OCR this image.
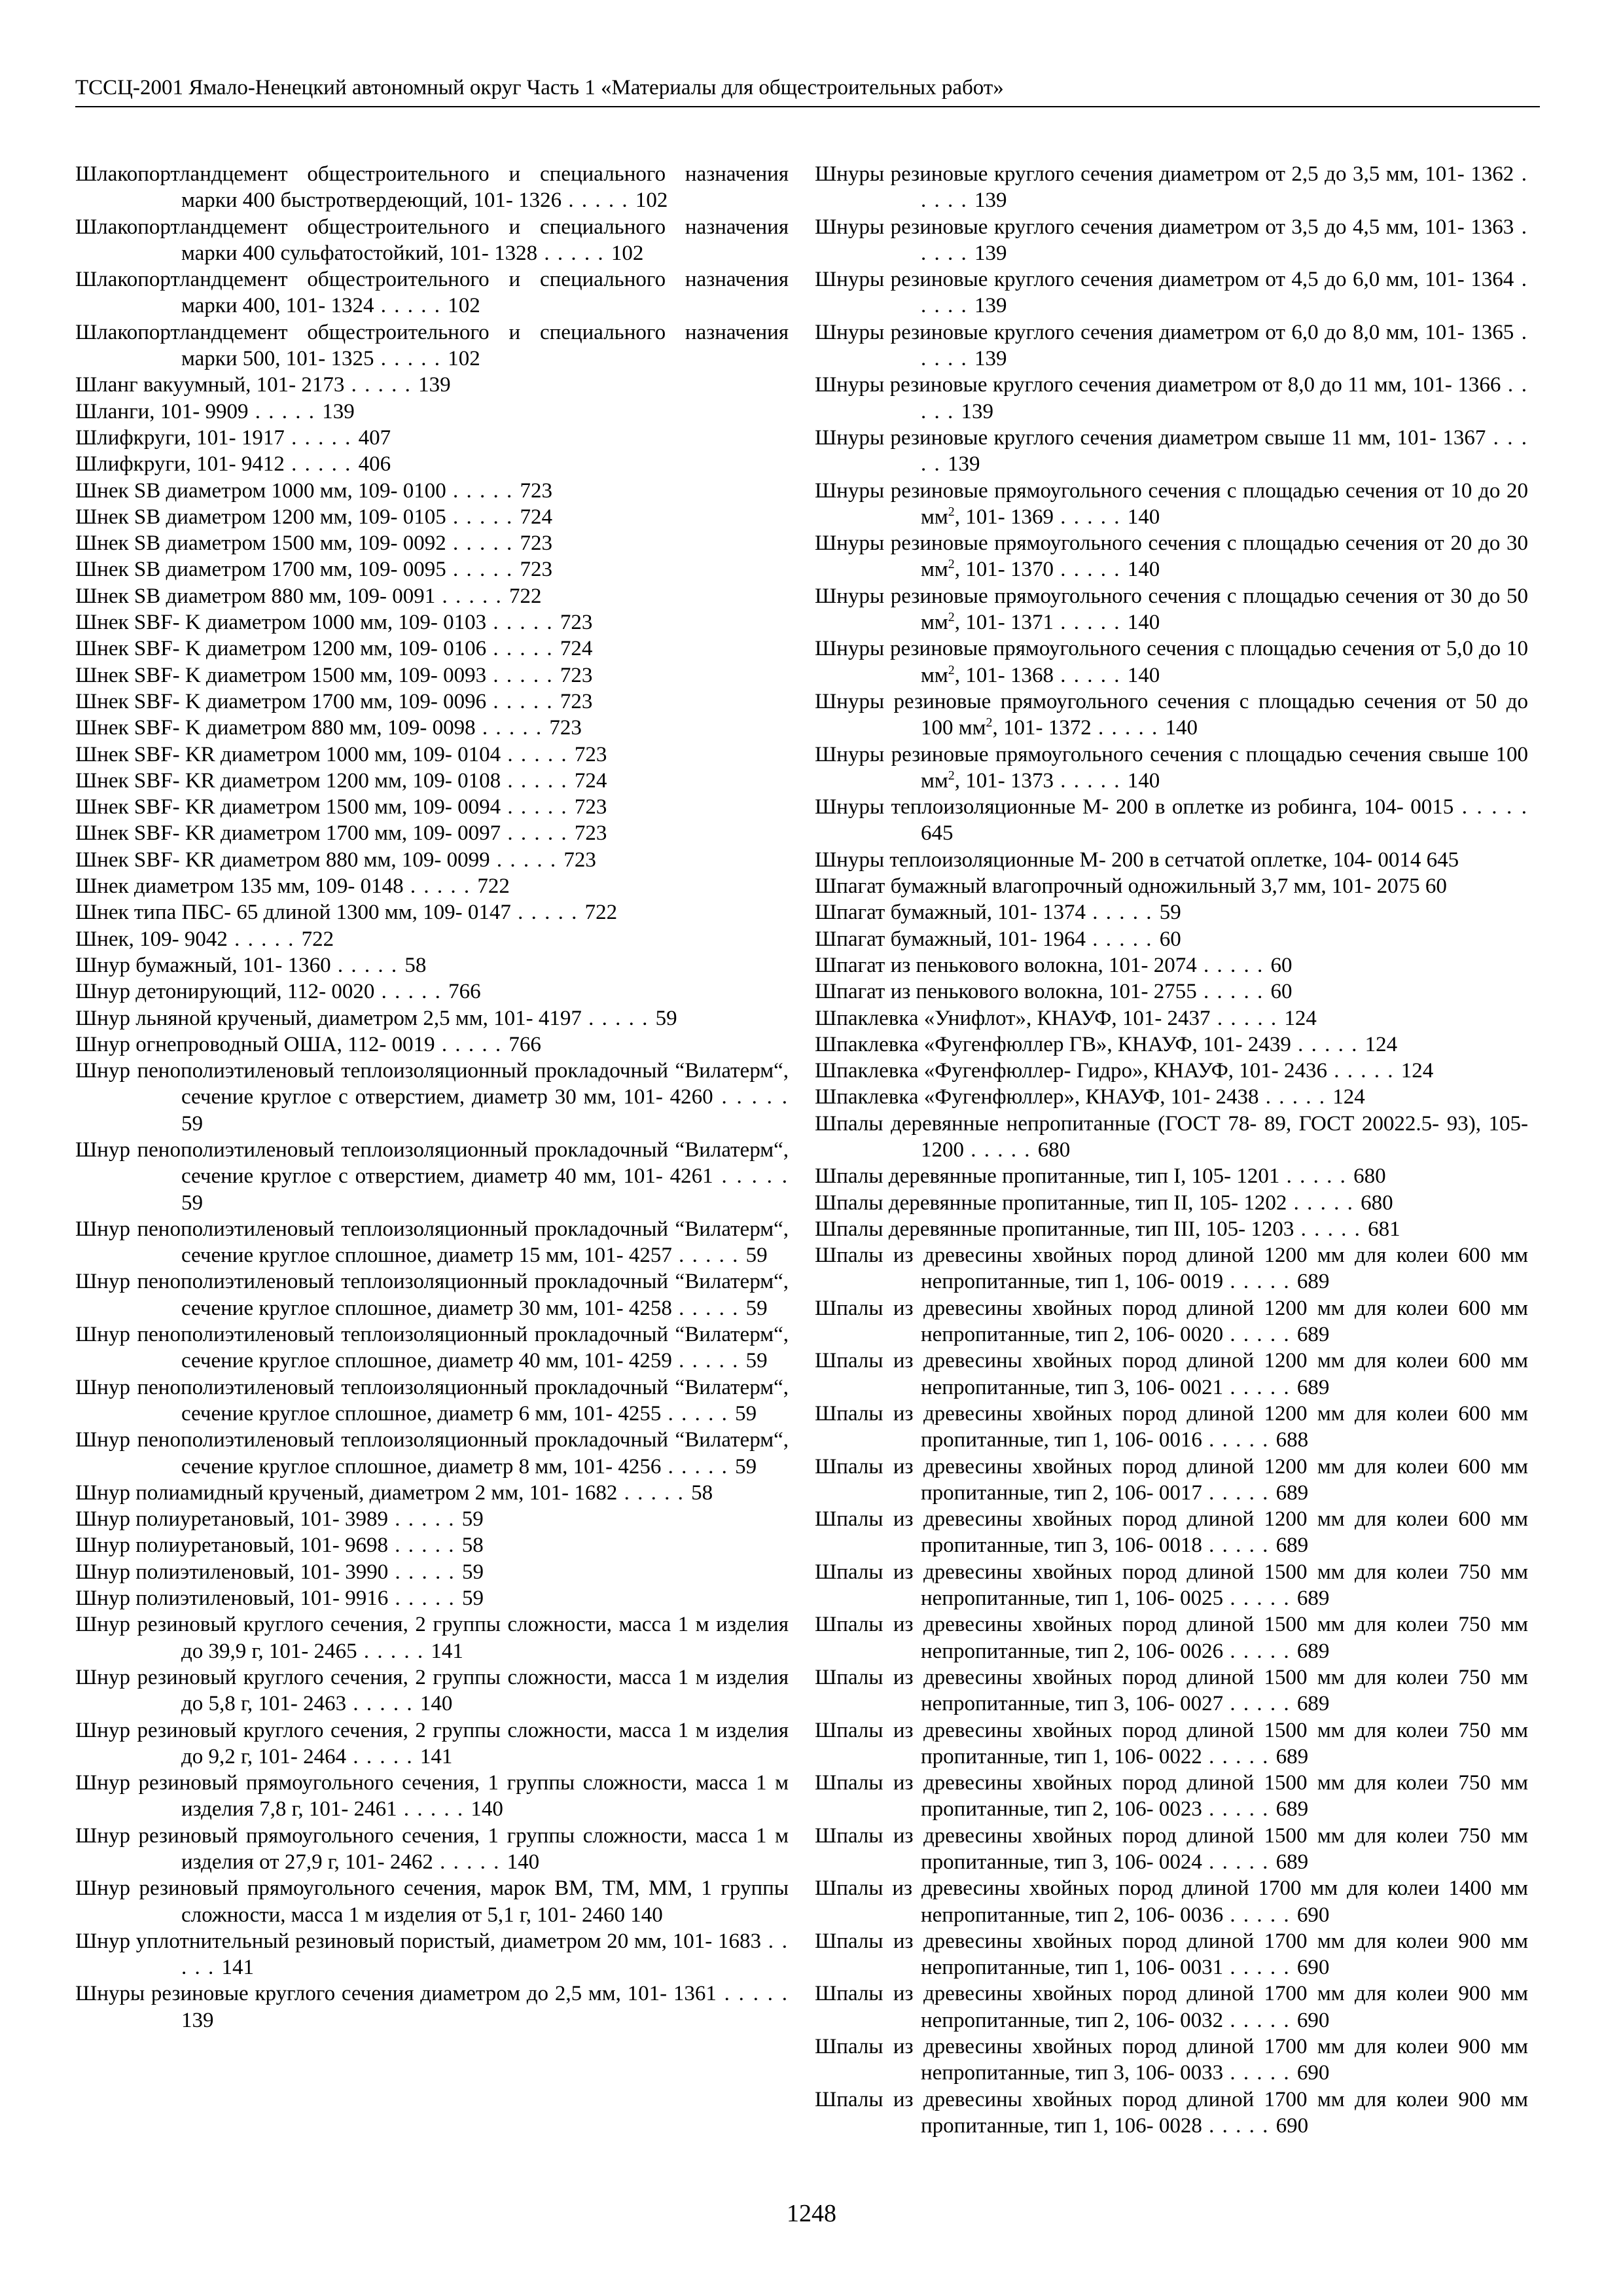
ТССЦ-2001 Ямало-Ненецкий автономный округ Часть 1 «Материалы для общестроительных работ»
Шлакопортландцемент общестроительного и специального назначения марки 400 быстротвердеющий, 101- 1326 . . . . . 102
Шлакопортландцемент общестроительного и специального назначения марки 400 сульфатостойкий, 101- 1328 . . . . . 102
Шлакопортландцемент общестроительного и специального назначения марки 400, 101- 1324 . . . . . 102
Шлакопортландцемент общестроительного и специального назначения марки 500, 101- 1325 . . . . . 102
Шланг вакуумный, 101- 2173 . . . . . 139
Шланги, 101- 9909 . . . . . 139
Шлифкруги, 101- 1917 . . . . . 407
Шлифкруги, 101- 9412 . . . . . 406
Шнек SB диаметром 1000 мм, 109- 0100 . . . . . 723
Шнек SB диаметром 1200 мм, 109- 0105 . . . . . 724
Шнек SB диаметром 1500 мм, 109- 0092 . . . . . 723
Шнек SB диаметром 1700 мм, 109- 0095 . . . . . 723
Шнек SB диаметром 880 мм, 109- 0091 . . . . . 722
Шнек SBF- K диаметром 1000 мм, 109- 0103 . . . . . 723
Шнек SBF- K диаметром 1200 мм, 109- 0106 . . . . . 724
Шнек SBF- K диаметром 1500 мм, 109- 0093 . . . . . 723
Шнек SBF- K диаметром 1700 мм, 109- 0096 . . . . . 723
Шнек SBF- K диаметром 880 мм, 109- 0098 . . . . . 723
Шнек SBF- KR диаметром 1000 мм, 109- 0104 . . . . . 723
Шнек SBF- KR диаметром 1200 мм, 109- 0108 . . . . . 724
Шнек SBF- KR диаметром 1500 мм, 109- 0094 . . . . . 723
Шнек SBF- KR диаметром 1700 мм, 109- 0097 . . . . . 723
Шнек SBF- KR диаметром 880 мм, 109- 0099 . . . . . 723
Шнек диаметром 135 мм, 109- 0148 . . . . . 722
Шнек типа ПБС- 65 длиной 1300 мм, 109- 0147 . . . . . 722
Шнек, 109- 9042 . . . . . 722
Шнур бумажный, 101- 1360 . . . . . 58
Шнур детонирующий, 112- 0020 . . . . . 766
Шнур льняной крученый, диаметром 2,5 мм, 101- 4197 . . . . . 59
Шнур огнепроводный ОША, 112- 0019 . . . . . 766
Шнур пенополиэтиленовый теплоизоляционный прокладочный “Вилатерм“, сечение круглое с отверстием, диаметр 30 мм, 101- 4260 . . . . . 59
Шнур пенополиэтиленовый теплоизоляционный прокладочный “Вилатерм“, сечение круглое с отверстием, диаметр 40 мм, 101- 4261 . . . . . 59
Шнур пенополиэтиленовый теплоизоляционный прокладочный “Вилатерм“, сечение круглое сплошное, диаметр 15 мм, 101- 4257 . . . . . 59
Шнур пенополиэтиленовый теплоизоляционный прокладочный “Вилатерм“, сечение круглое сплошное, диаметр 30 мм, 101- 4258 . . . . . 59
Шнур пенополиэтиленовый теплоизоляционный прокладочный “Вилатерм“, сечение круглое сплошное, диаметр 40 мм, 101- 4259 . . . . . 59
Шнур пенополиэтиленовый теплоизоляционный прокладочный “Вилатерм“, сечение круглое сплошное, диаметр 6 мм, 101- 4255 . . . . . 59
Шнур пенополиэтиленовый теплоизоляционный прокладочный “Вилатерм“, сечение круглое сплошное, диаметр 8 мм, 101- 4256 . . . . . 59
Шнур полиамидный крученый, диаметром 2 мм, 101- 1682 . . . . . 58
Шнур полиуретановый, 101- 3989 . . . . . 59
Шнур полиуретановый, 101- 9698 . . . . . 58
Шнур полиэтиленовый, 101- 3990 . . . . . 59
Шнур полиэтиленовый, 101- 9916 . . . . . 59
Шнур резиновый круглого сечения, 2 группы сложности, масса 1 м изделия до 39,9 г, 101- 2465 . . . . . 141
Шнур резиновый круглого сечения, 2 группы сложности, масса 1 м изделия до 5,8 г, 101- 2463 . . . . . 140
Шнур резиновый круглого сечения, 2 группы сложности, масса 1 м изделия до 9,2 г, 101- 2464 . . . . . 141
Шнур резиновый прямоугольного сечения, 1 группы сложности, масса 1 м изделия 7,8 г, 101- 2461 . . . . . 140
Шнур резиновый прямоугольного сечения, 1 группы сложности, масса 1 м изделия от 27,9 г, 101- 2462 . . . . . 140
Шнур резиновый прямоугольного сечения, марок ВМ, ТМ, ММ, 1 группы сложности, масса 1 м изделия от 5,1 г, 101- 2460 140
Шнур уплотнительный резиновый пористый, диаметром 20 мм, 101- 1683 . . . . . 141
Шнуры резиновые круглого сечения диаметром до 2,5 мм, 101- 1361 . . . . . 139
Шнуры резиновые круглого сечения диаметром от 2,5 до 3,5 мм, 101- 1362 . . . . . 139
Шнуры резиновые круглого сечения диаметром от 3,5 до 4,5 мм, 101- 1363 . . . . . 139
Шнуры резиновые круглого сечения диаметром от 4,5 до 6,0 мм, 101- 1364 . . . . . 139
Шнуры резиновые круглого сечения диаметром от 6,0 до 8,0 мм, 101- 1365 . . . . . 139
Шнуры резиновые круглого сечения диаметром от 8,0 до 11 мм, 101- 1366 . . . . . 139
Шнуры резиновые круглого сечения диаметром свыше 11 мм, 101- 1367 . . . . . 139
Шнуры резиновые прямоугольного сечения с площадью сечения от 10 до 20 $мм^2$, 101- 1369 . . . . . 140
Шнуры резиновые прямоугольного сечения с площадью сечения от 20 до 30 $мм^2$, 101- 1370 . . . . . 140
Шнуры резиновые прямоугольного сечения с площадью сечения от 30 до 50 $мм^2$, 101- 1371 . . . . . 140
Шнуры резиновые прямоугольного сечения с площадью сечения от 5,0 до 10 $мм^2$, 101- 1368 . . . . . 140
Шнуры резиновые прямоугольного сечения с площадью сечения от 50 до 100 $мм^2$, 101- 1372 . . . . . 140
Шнуры резиновые прямоугольного сечения с площадью сечения свыше 100 $мм^2$, 101- 1373 . . . . . 140
Шнуры теплоизоляционные М- 200 в оплетке из робинга, 104- 0015 . . . . . 645
Шнуры теплоизоляционные М- 200 в сетчатой оплетке, 104- 0014 645
Шпагат бумажный влагопрочный одножильный 3,7 мм, 101- 2075 60
Шпагат бумажный, 101- 1374 . . . . . 59
Шпагат бумажный, 101- 1964 . . . . . 60
Шпагат из пенькового волокна, 101- 2074 . . . . . 60
Шпагат из пенькового волокна, 101- 2755 . . . . . 60
Шпаклевка «Унифлот», КНАУФ, 101- 2437 . . . . . 124
Шпаклевка «Фугенфюллер ГВ», КНАУФ, 101- 2439 . . . . . 124
Шпаклевка «Фугенфюллер- Гидро», КНАУФ, 101- 2436 . . . . . 124
Шпаклевка «Фугенфюллер», КНАУФ, 101- 2438 . . . . . 124
Шпалы деревянные непропитанные (ГОСТ 78- 89, ГОСТ 20022.5- 93), 105- 1200 . . . . . 680
Шпалы деревянные пропитанные, тип I, 105- 1201 . . . . . 680
Шпалы деревянные пропитанные, тип II, 105- 1202 . . . . . 680
Шпалы деревянные пропитанные, тип III, 105- 1203 . . . . . 681
Шпалы из древесины хвойных пород длиной 1200 мм для колеи 600 мм непропитанные, тип 1, 106- 0019 . . . . . 689
Шпалы из древесины хвойных пород длиной 1200 мм для колеи 600 мм непропитанные, тип 2, 106- 0020 . . . . . 689
Шпалы из древесины хвойных пород длиной 1200 мм для колеи 600 мм непропитанные, тип 3, 106- 0021 . . . . . 689
Шпалы из древесины хвойных пород длиной 1200 мм для колеи 600 мм пропитанные, тип 1, 106- 0016 . . . . . 688
Шпалы из древесины хвойных пород длиной 1200 мм для колеи 600 мм пропитанные, тип 2, 106- 0017 . . . . . 689
Шпалы из древесины хвойных пород длиной 1200 мм для колеи 600 мм пропитанные, тип 3, 106- 0018 . . . . . 689
Шпалы из древесины хвойных пород длиной 1500 мм для колеи 750 мм непропитанные, тип 1, 106- 0025 . . . . . 689
Шпалы из древесины хвойных пород длиной 1500 мм для колеи 750 мм непропитанные, тип 2, 106- 0026 . . . . . 689
Шпалы из древесины хвойных пород длиной 1500 мм для колеи 750 мм непропитанные, тип 3, 106- 0027 . . . . . 689
Шпалы из древесины хвойных пород длиной 1500 мм для колеи 750 мм пропитанные, тип 1, 106- 0022 . . . . . 689
Шпалы из древесины хвойных пород длиной 1500 мм для колеи 750 мм пропитанные, тип 2, 106- 0023 . . . . . 689
Шпалы из древесины хвойных пород длиной 1500 мм для колеи 750 мм пропитанные, тип 3, 106- 0024 . . . . . 689
Шпалы из древесины хвойных пород длиной 1700 мм для колеи 1400 мм непропитанные, тип 2, 106- 0036 . . . . . 690
Шпалы из древесины хвойных пород длиной 1700 мм для колеи 900 мм непропитанные, тип 1, 106- 0031 . . . . . 690
Шпалы из древесины хвойных пород длиной 1700 мм для колеи 900 мм непропитанные, тип 2, 106- 0032 . . . . . 690
Шпалы из древесины хвойных пород длиной 1700 мм для колеи 900 мм непропитанные, тип 3, 106- 0033 . . . . . 690
Шпалы из древесины хвойных пород длиной 1700 мм для колеи 900 мм пропитанные, тип 1, 106- 0028 . . . . . 690
1248
